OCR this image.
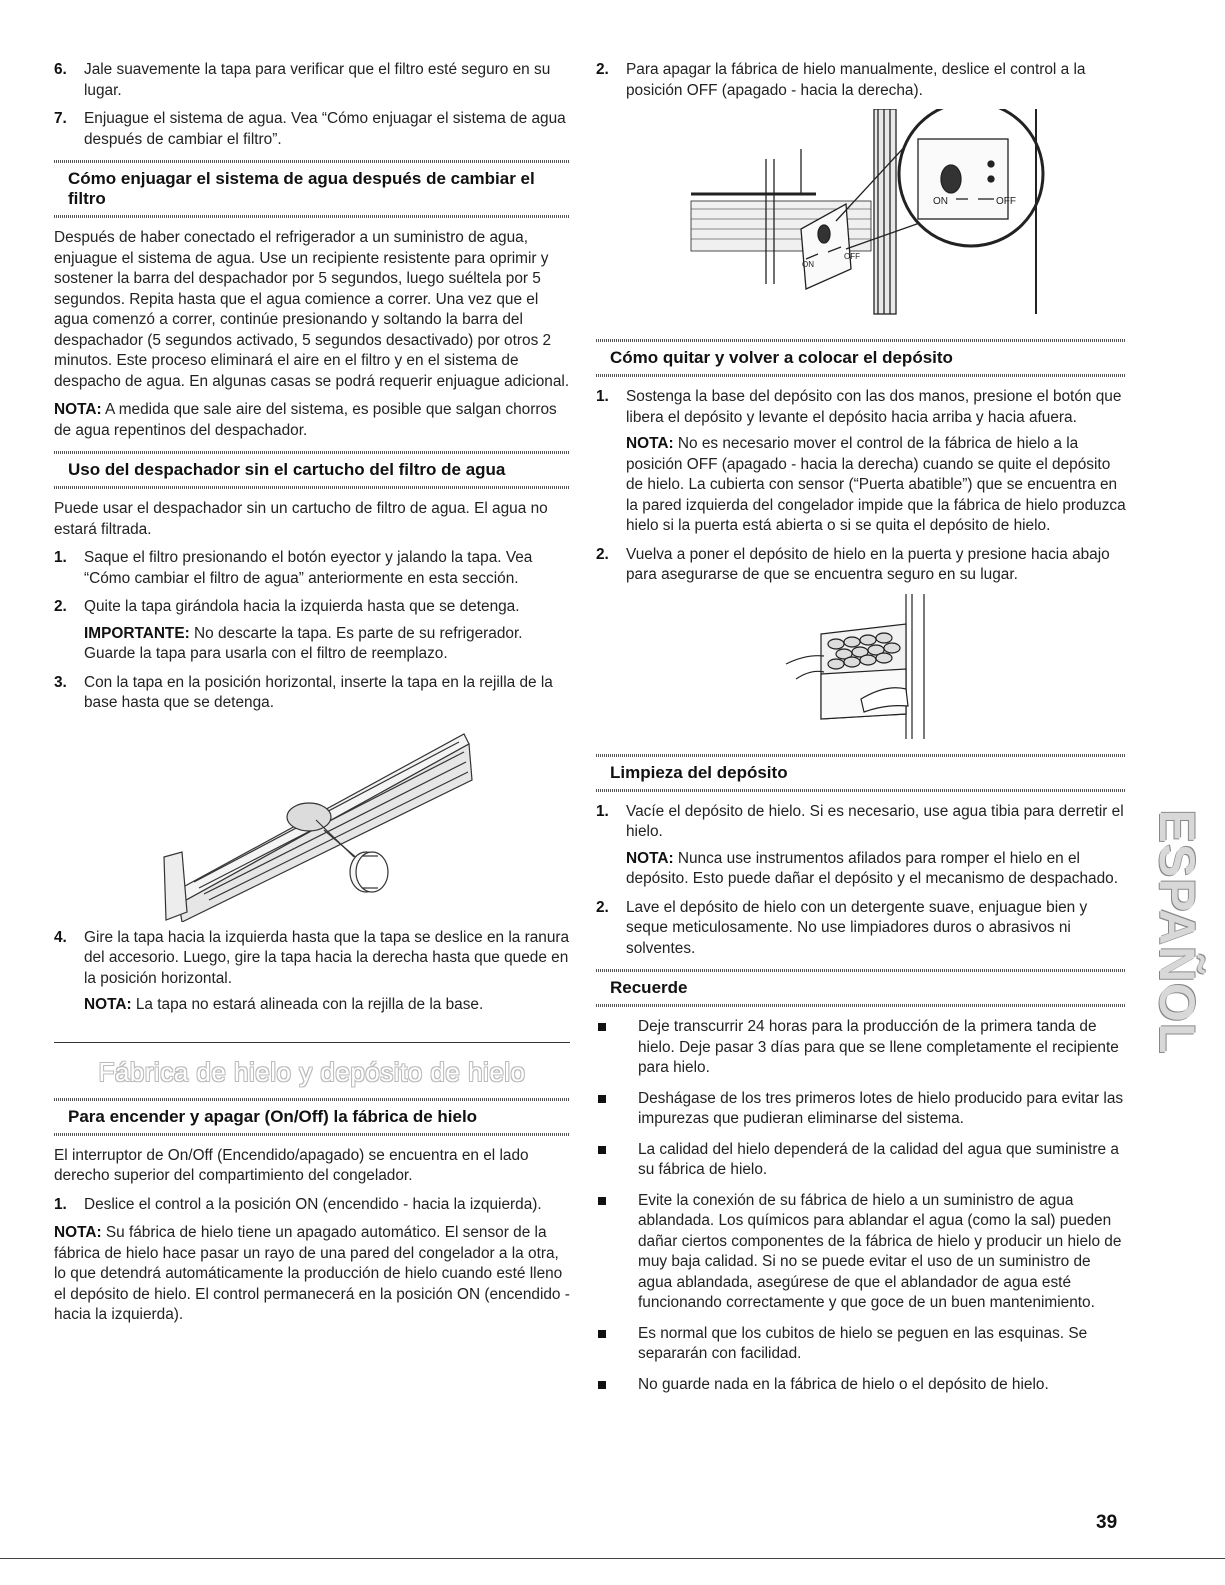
6. Jale suavemente la tapa para verificar que el filtro esté seguro en su lugar.
7. Enjuague el sistema de agua. Vea “Cómo enjuagar el sistema de agua después de cambiar el filtro”.
Cómo enjuagar el sistema de agua después de cambiar el filtro

Después de haber conectado el refrigerador a un suministro de agua, enjuague el sistema de agua. Use un recipiente resistente para oprimir y sostener la barra del despachador por 5 segundos, luego suéltela por 5 segundos. Repita hasta que el agua comience a correr. Una vez que el agua comenzó a correr, continúe presionando y soltando la barra del despachador (5 segundos activado, 5 segundos desactivado) por otros 2 minutos. Este proceso eliminará el aire en el filtro y en el sistema de despacho de agua. En algunas casas se podrá requerir enjuague adicional.

NOTA: A medida que sale aire del sistema, es posible que salgan chorros de agua repentinos del despachador.

Uso del despachador sin el cartucho del filtro de agua

Puede usar el despachador sin un cartucho de filtro de agua. El agua no estará filtrada.

1. Saque el filtro presionando el botón eyector y jalando la tapa. Vea “Cómo cambiar el filtro de agua” anteriormente en esta sección.
2. Quite la tapa girándola hacia la izquierda hasta que se detenga.
IMPORTANTE: No descarte la tapa. Es parte de su refrigerador. Guarde la tapa para usarla con el filtro de reemplazo.
3. Con la tapa en la posición horizontal, inserte la tapa en la rejilla de la base hasta que se detenga.
4. Gire la tapa hacia la izquierda hasta que la tapa se deslice en la ranura del accesorio. Luego, gire la tapa hacia la derecha hasta que quede en la posición horizontal.
NOTA: La tapa no estará alineada con la rejilla de la base.
Fábrica de hielo y depósito de hielo
Para encender y apagar (On/Off) la fábrica de hielo

El interruptor de On/Off (Encendido/apagado) se encuentra en el lado derecho superior del compartimiento del congelador.

1. Deslice el control a la posición ON (encendido - hacia la izquierda).

NOTA: Su fábrica de hielo tiene un apagado automático. El sensor de la fábrica de hielo hace pasar un rayo de una pared del congelador a la otra, lo que detendrá automáticamente la producción de hielo cuando esté lleno el depósito de hielo. El control permanecerá en la posición ON (encendido - hacia la izquierda).

2. Para apagar la fábrica de hielo manualmente, deslice el control a la posición OFF (apagado - hacia la derecha).
ON
OFF
ON	OFF
Cómo quitar y volver a colocar el depósito
1. Sostenga la base del depósito con las dos manos, presione el botón que libera el depósito y levante el depósito hacia arriba y hacia afuera.
NOTA: No es necesario mover el control de la fábrica de hielo a la posición OFF (apagado - hacia la derecha) cuando se quite el depósito de hielo. La cubierta con sensor (“Puerta abatible”) que se encuentra en la pared izquierda del congelador impide que la fábrica de hielo produzca hielo si la puerta está abierta o si se quita el depósito de hielo.
2. Vuelva a poner el depósito de hielo en la puerta y presione hacia abajo para asegurarse de que se encuentra seguro en su lugar.
Limpieza del depósito
1. Vacíe el depósito de hielo. Si es necesario, use agua tibia para derretir el hielo.
NOTA: Nunca use instrumentos afilados para romper el hielo en el depósito. Esto puede dañar el depósito y el mecanismo de despachado.
2. Lave el depósito de hielo con un detergente suave, enjuague bien y seque meticulosamente. No use limpiadores duros o abrasivos ni solventes.
Recuerde
Deje transcurrir 24 horas para la producción de la primera tanda de hielo. Deje pasar 3 días para que se llene completamente el recipiente para hielo.
Deshágase de los tres primeros lotes de hielo producido para evitar las impurezas que pudieran eliminarse del sistema.
La calidad del hielo dependerá de la calidad del agua que suministre a su fábrica de hielo.
Evite la conexión de su fábrica de hielo a un suministro de agua ablandada. Los químicos para ablandar el agua (como la sal) pueden dañar ciertos componentes de la fábrica de hielo y producir un hielo de muy baja calidad. Si no se puede evitar el uso de un suministro de agua ablandada, asegúrese de que el ablandador de agua esté funcionando correctamente y que goce de un buen mantenimiento.
Es normal que los cubitos de hielo se peguen en las esquinas. Se separarán con facilidad.
No guarde nada en la fábrica de hielo o el depósito de hielo.
ESPAÑOL
39
